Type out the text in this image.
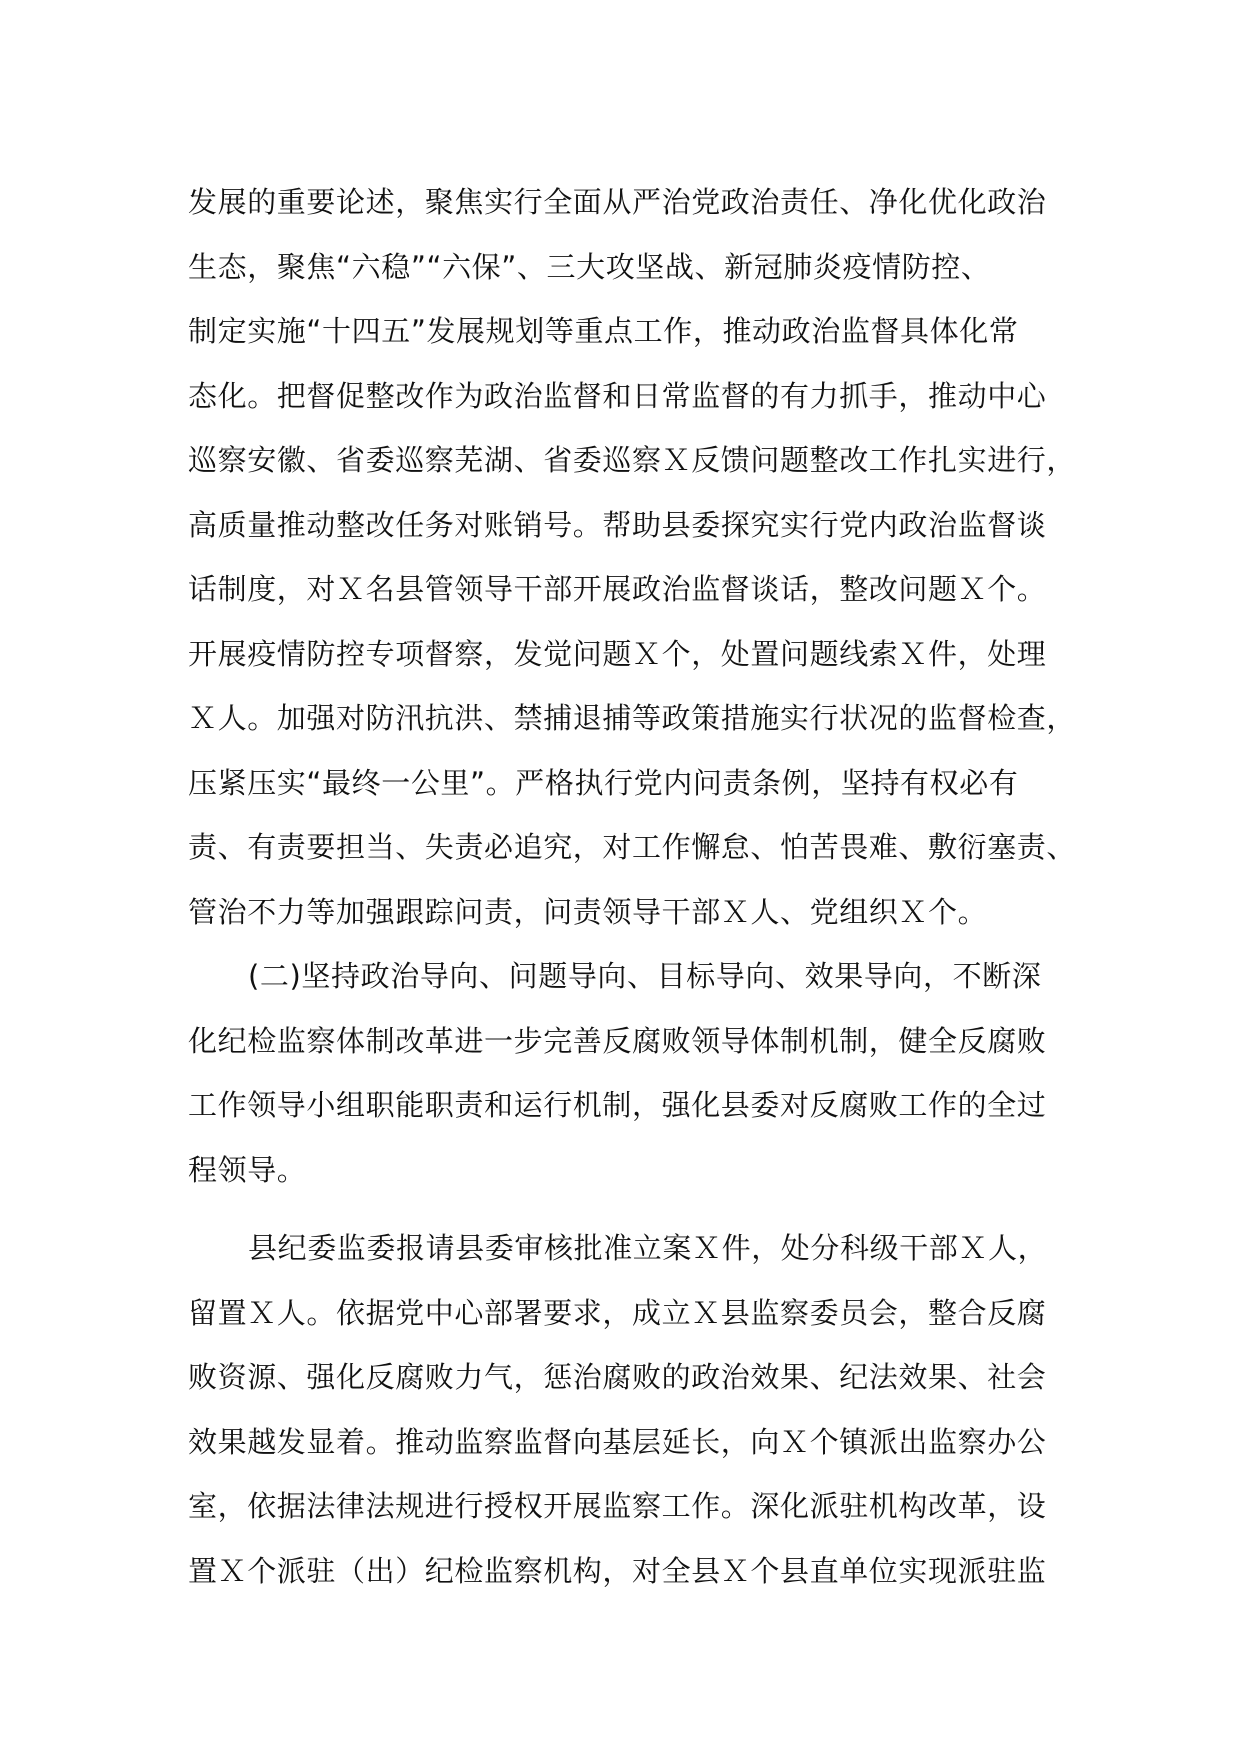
发展的重要论述，聚焦实行全面从严治党政治责任、净化优化政治
生态，聚焦“六稳”“六保”、三大攻坚战、新冠肺炎疫情防控、
制定实施“十四五”发展规划等重点工作，推动政治监督具体化常
态化。把督促整改作为政治监督和日常监督的有力抓手，推动中心
巡察安徽、省委巡察芜湖、省委巡察Ｘ反馈问题整改工作扎实进行，
高质量推动整改任务对账销号。帮助县委探究实行党内政治监督谈
话制度，对Ｘ名县管领导干部开展政治监督谈话，整改问题Ｘ个。
开展疫情防控专项督察，发觉问题Ｘ个，处置问题线索Ｘ件，处理
Ｘ人。加强对防汛抗洪、禁捕退捕等政策措施实行状况的监督检查，
压紧压实“最终一公里”。严格执行党内问责条例，坚持有权必有
责、有责要担当、失责必追究，对工作懈怠、怕苦畏难、敷衍塞责、
管治不力等加强跟踪问责，问责领导干部Ｘ人、党组织Ｘ个。
(二)坚持政治导向、问题导向、目标导向、效果导向，不断深
化纪检监察体制改革进一步完善反腐败领导体制机制，健全反腐败
工作领导小组职能职责和运行机制，强化县委对反腐败工作的全过
程领导。
县纪委监委报请县委审核批准立案Ｘ件，处分科级干部Ｘ人，
留置Ｘ人。依据党中心部署要求，成立Ｘ县监察委员会，整合反腐
败资源、强化反腐败力气，惩治腐败的政治效果、纪法效果、社会
效果越发显着。推动监察监督向基层延长，向Ｘ个镇派出监察办公
室，依据法律法规进行授权开展监察工作。深化派驻机构改革，设
置Ｘ个派驻（出）纪检监察机构，对全县Ｘ个县直单位实现派驻监
